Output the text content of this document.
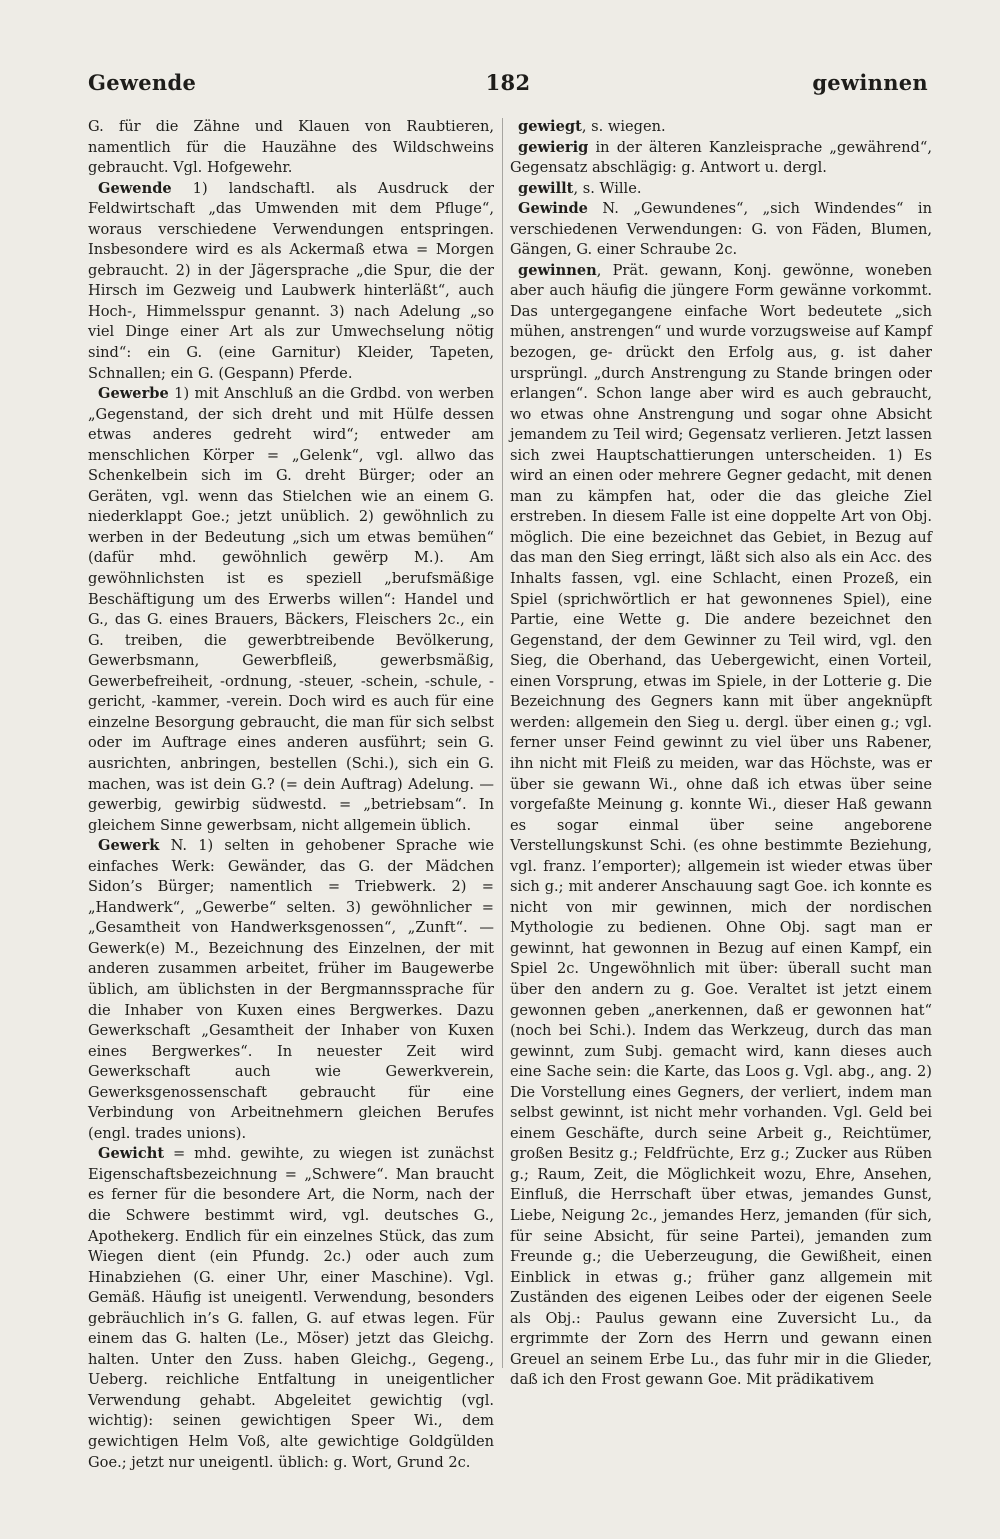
Gewende	182	gewinnen

G. für die Zähne und Klauen von Raubtieren, namentlich für die Hauzähne des Wildschweins gebraucht. Vgl. Hofgewehr.

Gewende 1) landschaftl. als Ausdruck der Feldwirtschaft „das Umwenden mit dem Pfluge“, woraus verschiedene Verwendungen entspringen. Insbesondere wird es als Ackermaß etwa = Morgen gebraucht. 2) in der Jägersprache „die Spur, die der Hirsch im Gezweig und Laubwerk hinterläßt“, auch Hoch-, Himmelsspur genannt. 3) nach Adelung „so viel Dinge einer Art als zur Umwechselung nötig sind“: ein G. (eine Garnitur) Kleider, Tapeten, Schnallen; ein G. (Gespann) Pferde.

Gewerbe 1) mit Anschluß an die Grdbd. von werben „Gegenstand, der sich dreht und mit Hülfe dessen etwas anderes gedreht wird“; entweder am menschlichen Körper = „Gelenk“, vgl. allwo das Schenkelbein sich im G. dreht Bürger; oder an Geräten, vgl. wenn das Stielchen wie an einem G. niederklappt Goe.; jetzt unüblich. 2) gewöhnlich zu werben in der Bedeutung „sich um etwas bemühen“ (dafür mhd. gewöhnlich gewërp M.). Am gewöhnlichsten ist es speziell „berufsmäßige Beschäftigung um des Erwerbs willen“: Handel und G., das G. eines Brauers, Bäckers, Fleischers 2c., ein G. treiben, die gewerbtreibende Bevölkerung, Gewerbsmann, Gewerbfleiß, gewerbsmäßig, Gewerbefreiheit, -ordnung, -steuer, -schein, -schule, -gericht, -kammer, -verein. Doch wird es auch für eine einzelne Besorgung gebraucht, die man für sich selbst oder im Auftrage eines anderen ausführt; sein G. ausrichten, anbringen, bestellen (Schi.), sich ein G. machen, was ist dein G.? (= dein Auftrag) Adelung. — gewerbig, gewirbig südwestd. = „betriebsam“. In gleichem Sinne gewerbsam, nicht allgemein üblich.

Gewerk N. 1) selten in gehobener Sprache wie einfaches Werk: Gewänder, das G. der Mädchen Sidon’s Bürger; namentlich = Triebwerk. 2) = „Handwerk“, „Gewerbe“ selten. 3) gewöhnlicher = „Gesamtheit von Handwerksgenossen“, „Zunft“. — Gewerk(e) M., Bezeichnung des Einzelnen, der mit anderen zusammen arbeitet, früher im Baugewerbe üblich, am üblichsten in der Bergmannssprache für die Inhaber von Kuxen eines Bergwerkes. Dazu Gewerkschaft „Gesamtheit der Inhaber von Kuxen eines Bergwerkes“. In neuester Zeit wird Gewerkschaft auch wie Gewerkverein, Gewerksgenossenschaft gebraucht für eine Verbindung von Arbeitnehmern gleichen Berufes (engl. trades unions).

Gewicht = mhd. gewihte, zu wiegen ist zunächst Eigenschaftsbezeichnung = „Schwere“. Man braucht es ferner für die besondere Art, die Norm, nach der die Schwere bestimmt wird, vgl. deutsches G., Apothekerg. Endlich für ein einzelnes Stück, das zum Wiegen dient (ein Pfundg. 2c.) oder auch zum Hinabziehen (G. einer Uhr, einer Maschine). Vgl. Gemäß. Häufig ist uneigentl. Verwendung, besonders gebräuchlich in’s G. fallen, G. auf etwas legen. Für einem das G. halten (Le., Möser) jetzt das Gleichg. halten. Unter den Zuss. haben Gleichg., Gegeng., Ueberg. reichliche Entfaltung in uneigentlicher Verwendung gehabt. Abgeleitet gewichtig (vgl. wichtig): seinen gewichtigen Speer Wi., dem gewichtigen Helm Voß, alte gewichtige Goldgülden Goe.; jetzt nur uneigentl. üblich: g. Wort, Grund 2c.

gewiegt, s. wiegen.

gewierig in der älteren Kanzleisprache „gewährend“, Gegensatz abschlägig: g. Antwort u. dergl.

gewillt, s. Wille.

Gewinde N. „Gewundenes“, „sich Windendes“ in verschiedenen Verwendungen: G. von Fäden, Blumen, Gängen, G. einer Schraube 2c.

gewinnen, Prät. gewann, Konj. gewönne, woneben aber auch häufig die jüngere Form gewänne vorkommt. Das untergegangene einfache Wort bedeutete „sich mühen, anstrengen“ und wurde vorzugsweise auf Kampf bezogen, ge- drückt den Erfolg aus, g. ist daher ursprüngl. „durch Anstrengung zu Stande bringen oder erlangen“. Schon lange aber wird es auch gebraucht, wo etwas ohne Anstrengung und sogar ohne Absicht jemandem zu Teil wird; Gegensatz verlieren. Jetzt lassen sich zwei Hauptschattierungen unterscheiden. 1) Es wird an einen oder mehrere Gegner gedacht, mit denen man zu kämpfen hat, oder die das gleiche Ziel erstreben. In diesem Falle ist eine doppelte Art von Obj. möglich. Die eine bezeichnet das Gebiet, in Bezug auf das man den Sieg erringt, läßt sich also als ein Acc. des Inhalts fassen, vgl. eine Schlacht, einen Prozeß, ein Spiel (sprichwörtlich er hat gewonnenes Spiel), eine Partie, eine Wette g. Die andere bezeichnet den Gegenstand, der dem Gewinner zu Teil wird, vgl. den Sieg, die Oberhand, das Uebergewicht, einen Vorteil, einen Vorsprung, etwas im Spiele, in der Lotterie g. Die Bezeichnung des Gegners kann mit über angeknüpft werden: allgemein den Sieg u. dergl. über einen g.; vgl. ferner unser Feind gewinnt zu viel über uns Rabener, ihn nicht mit Fleiß zu meiden, war das Höchste, was er über sie gewann Wi., ohne daß ich etwas über seine vorgefaßte Meinung g. konnte Wi., dieser Haß gewann es sogar einmal über seine angeborene Verstellungskunst Schi. (es ohne bestimmte Beziehung, vgl. franz. l’emporter); allgemein ist wieder etwas über sich g.; mit anderer Anschauung sagt Goe. ich konnte es nicht von mir gewinnen, mich der nordischen Mythologie zu bedienen. Ohne Obj. sagt man er gewinnt, hat gewonnen in Bezug auf einen Kampf, ein Spiel 2c. Ungewöhnlich mit über: überall sucht man über den andern zu g. Goe. Veraltet ist jetzt einem gewonnen geben „anerkennen, daß er gewonnen hat“ (noch bei Schi.). Indem das Werkzeug, durch das man gewinnt, zum Subj. gemacht wird, kann dieses auch eine Sache sein: die Karte, das Loos g. Vgl. abg., ang. 2) Die Vorstellung eines Gegners, der verliert, indem man selbst gewinnt, ist nicht mehr vorhanden. Vgl. Geld bei einem Geschäfte, durch seine Arbeit g., Reichtümer, großen Besitz g.; Feldfrüchte, Erz g.; Zucker aus Rüben g.; Raum, Zeit, die Möglichkeit wozu, Ehre, Ansehen, Einfluß, die Herrschaft über etwas, jemandes Gunst, Liebe, Neigung 2c., jemandes Herz, jemanden (für sich, für seine Absicht, für seine Partei), jemanden zum Freunde g.; die Ueberzeugung, die Gewißheit, einen Einblick in etwas g.; früher ganz allgemein mit Zuständen des eigenen Leibes oder der eigenen Seele als Obj.: Paulus gewann eine Zuversicht Lu., da ergrimmte der Zorn des Herrn und gewann einen Greuel an seinem Erbe Lu., das fuhr mir in die Glieder, daß ich den Frost gewann Goe. Mit prädikativem
